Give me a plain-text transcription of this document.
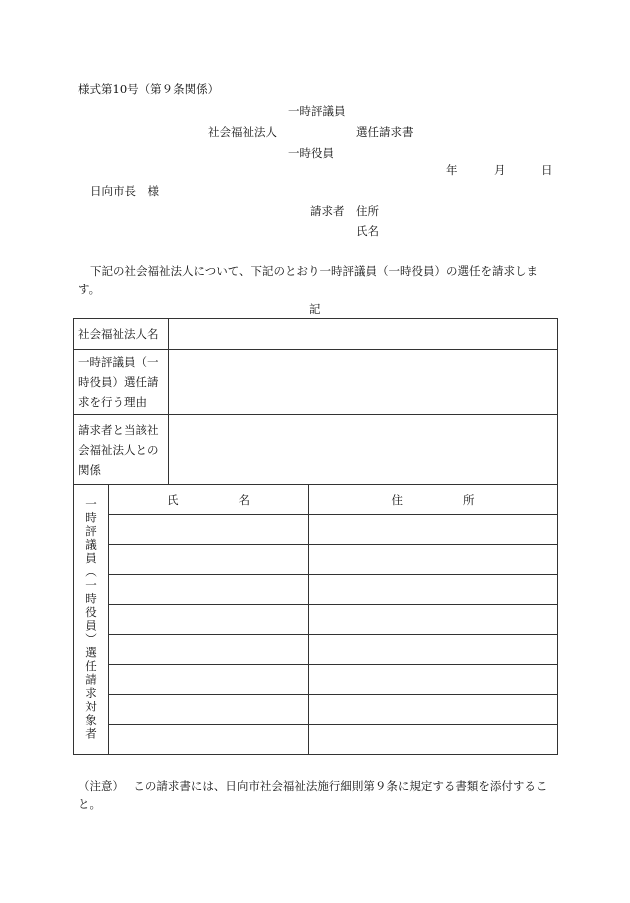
様式第10号（第９条関係）
一時評議員
社会福祉法人	選任請求書
一時役員
年	月	日
日向市長　様
請求者 住所
氏名
下記の社会福祉法人について、下記のとおり一時評議員（一時役員）の選任を請求します。
記
社会福祉法人名			
一時評議員（一時役員）選任請求を行う理由			
請求者と当該社会福祉法人との関係			
一時評議員（一時役員）選任請求対象者	氏 名		住 所

（注意）　 この請求書には、日向市社会福祉法施行細則第９条に規定する書類を添付すること。
